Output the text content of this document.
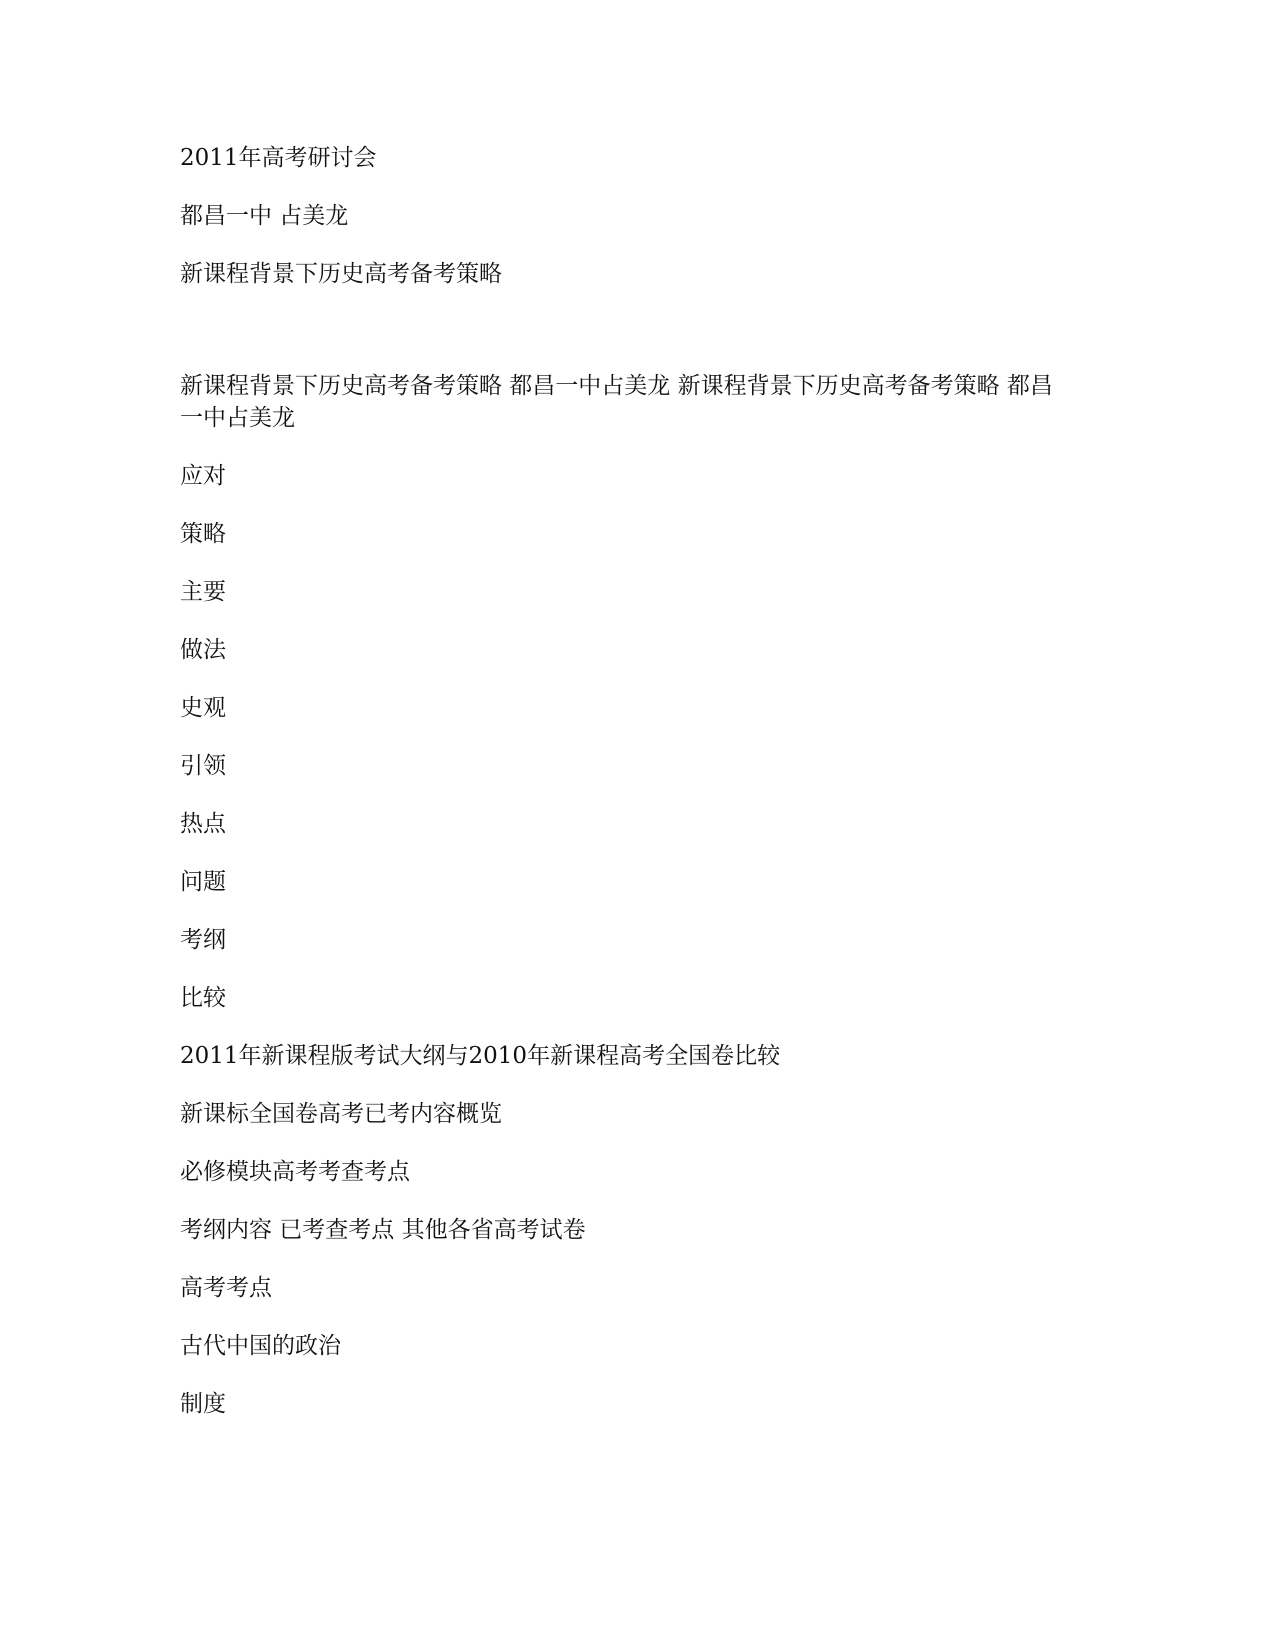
2011年高考研讨会

都昌一中 占美龙

新课程背景下历史高考备考策略

新课程背景下历史高考备考策略 都昌一中占美龙 新课程背景下历史高考备考策略 都昌一中占美龙

应对

策略

主要

做法

史观

引领

热点

问题

考纲

比较

2011年新课程版考试大纲与2010年新课程高考全国卷比较

新课标全国卷高考已考内容概览

必修模块高考考查考点

考纲内容 已考查考点 其他各省高考试卷

高考考点

古代中国的政治

制度
